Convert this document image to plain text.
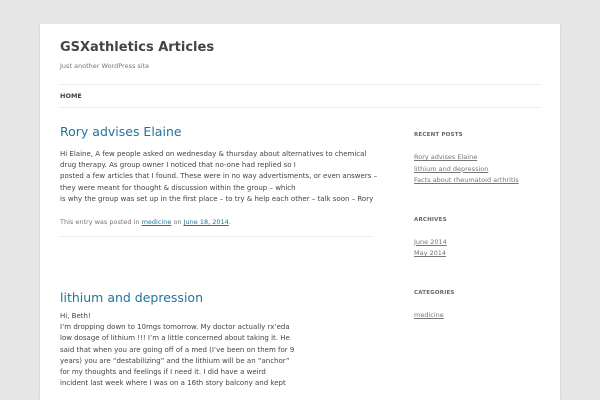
GSXathletics Articles
Just another WordPress site
HOME
Rory advises Elaine

Hi Elaine, A few people asked on wednesday & thursday about alternatives to chemical

drug therapy. As group owner I noticed that no-one had replied so I

posted a few articles that I found. These were in no way advertisments, or even answers –

they were meant for thought & discussion within the group – which

is why the group was set up in the first place – to try & help each other – talk soon – Rory

This entry was posted in medicine on June 18, 2014.
lithium and depression

Hi, Beth!

I’m dropping down to 10mgs tomorrow. My doctor actually rx’eda

low dosage of lithium !!! I’m a little concerned about taking it. He

said that when you are going off of a med (I’ve been on them for 9

years) you are “destabilizing” and the lithium will be an “anchor”

for my thoughts and feelings if I need it. I did have a weird

incident last week where I was on a 16th story balcony and kept

RECENT POSTS
Rory advises Elaine
lithium and depression
Facts about rheumatoid arthritis
ARCHIVES
June 2014
May 2014
CATEGORIES
medicine
